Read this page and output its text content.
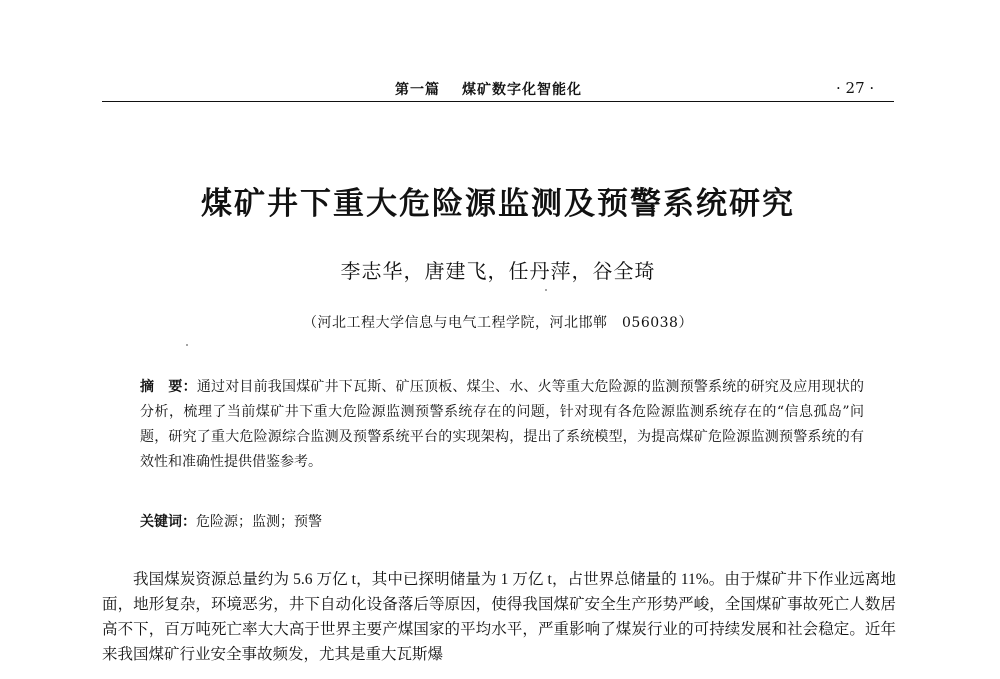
第一篇 煤矿数字化智能化	· 27 ·
煤矿井下重大危险源监测及预警系统研究
李志华，唐建飞，任丹萍，谷全琦
（河北工程大学信息与电气工程学院，河北邯郸　056038）
摘　要：通过对目前我国煤矿井下瓦斯、矿压顶板、煤尘、水、火等重大危险源的监测预警系统的研究及应用现状的分析，梳理了当前煤矿井下重大危险源监测预警系统存在的问题，针对现有各危险源监测系统存在的“信息孤岛”问题，研究了重大危险源综合监测及预警系统平台的实现架构，提出了系统模型，为提高煤矿危险源监测预警系统的有效性和准确性提供借鉴参考。
关键词：危险源；监测；预警

我国煤炭资源总量约为 5.6 万亿 t，其中已探明储量为 1 万亿 t，占世界总储量的 11%。由于煤矿井下作业远离地面，地形复杂，环境恶劣，井下自动化设备落后等原因，使得我国煤矿安全生产形势严峻，全国煤矿事故死亡人数居高不下，百万吨死亡率大大高于世界主要产煤国家的平均水平，严重影响了煤炭行业的可持续发展和社会稳定。近年来我国煤矿行业安全事故频发，尤其是重大瓦斯爆
